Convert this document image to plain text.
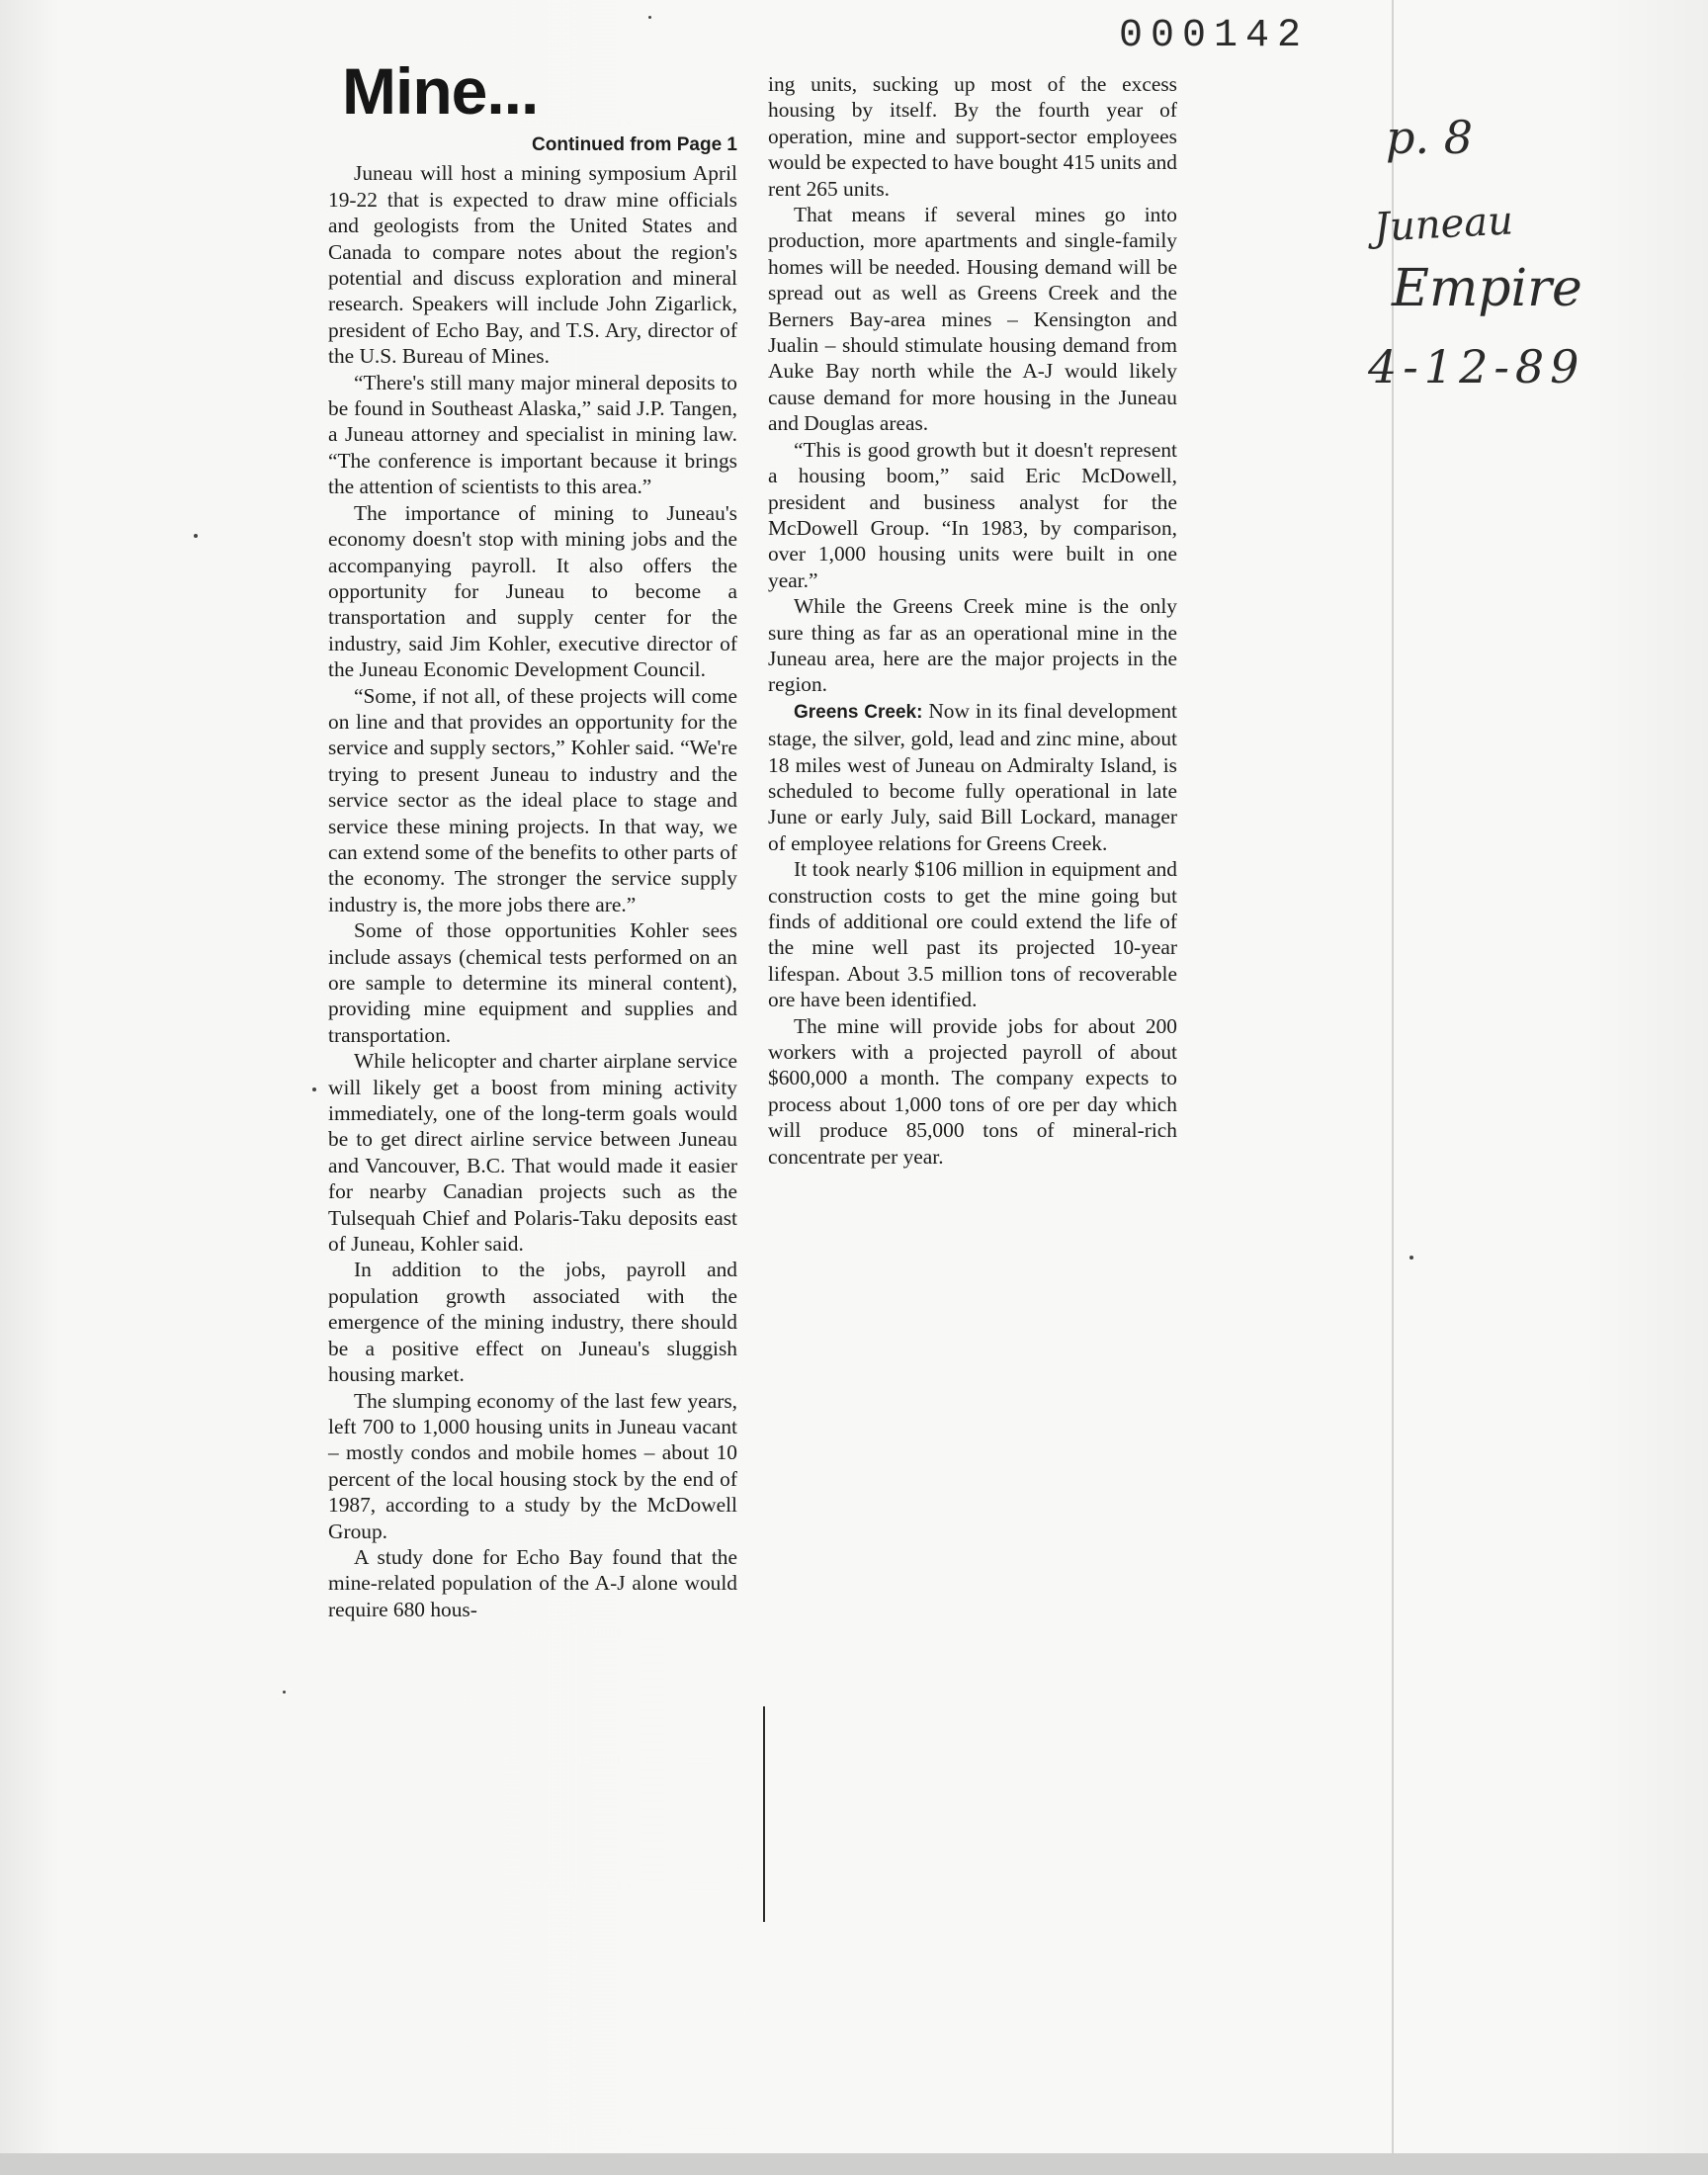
000142
Mine...
Continued from Page 1

Juneau will host a mining symposium April 19-22 that is expected to draw mine officials and geologists from the United States and Canada to compare notes about the region's potential and discuss exploration and mineral research. Speakers will include John Zigarlick, president of Echo Bay, and T.S. Ary, director of the U.S. Bureau of Mines.

“There's still many major mineral deposits to be found in Southeast Alaska,” said J.P. Tangen, a Juneau attorney and specialist in mining law. “The conference is important because it brings the attention of scientists to this area.”

The importance of mining to Juneau's economy doesn't stop with mining jobs and the accompanying payroll. It also offers the opportunity for Juneau to become a transportation and supply center for the industry, said Jim Kohler, executive director of the Juneau Economic Development Council.

“Some, if not all, of these projects will come on line and that provides an opportunity for the service and supply sectors,” Kohler said. “We're trying to present Juneau to industry and the service sector as the ideal place to stage and service these mining projects. In that way, we can extend some of the benefits to other parts of the economy. The stronger the service supply industry is, the more jobs there are.”

Some of those opportunities Kohler sees include assays (chemical tests performed on an ore sample to determine its mineral content), providing mine equipment and supplies and transportation.

While helicopter and charter airplane service will likely get a boost from mining activity immediately, one of the long-term goals would be to get direct airline service between Juneau and Vancouver, B.C. That would made it easier for nearby Canadian projects such as the Tulsequah Chief and Polaris-Taku deposits east of Juneau, Kohler said.

In addition to the jobs, payroll and population growth associated with the emergence of the mining industry, there should be a positive effect on Juneau's sluggish housing market.

The slumping economy of the last few years, left 700 to 1,000 housing units in Juneau vacant – mostly condos and mobile homes – about 10 percent of the local housing stock by the end of 1987, according to a study by the McDowell Group.

A study done for Echo Bay found that the mine-related population of the A-J alone would require 680 hous-

ing units, sucking up most of the excess housing by itself. By the fourth year of operation, mine and support-sector employees would be expected to have bought 415 units and rent 265 units.

That means if several mines go into production, more apartments and single-family homes will be needed. Housing demand will be spread out as well as Greens Creek and the Berners Bay-area mines – Kensington and Jualin – should stimulate housing demand from Auke Bay north while the A-J would likely cause demand for more housing in the Juneau and Douglas areas.

“This is good growth but it doesn't represent a housing boom,” said Eric McDowell, president and business analyst for the McDowell Group. “In 1983, by comparison, over 1,000 housing units were built in one year.”

While the Greens Creek mine is the only sure thing as far as an operational mine in the Juneau area, here are the major projects in the region.

Greens Creek: Now in its final development stage, the silver, gold, lead and zinc mine, about 18 miles west of Juneau on Admiralty Island, is scheduled to become fully operational in late June or early July, said Bill Lockard, manager of employee relations for Greens Creek.

It took nearly $106 million in equipment and construction costs to get the mine going but finds of additional ore could extend the life of the mine well past its projected 10-year lifespan. About 3.5 million tons of recoverable ore have been identified.

The mine will provide jobs for about 200 workers with a projected payroll of about $600,000 a month. The company expects to process about 1,000 tons of ore per day which will produce 85,000 tons of mineral-rich concentrate per year.

p. 8
Juneau
Empire
4-12-89
